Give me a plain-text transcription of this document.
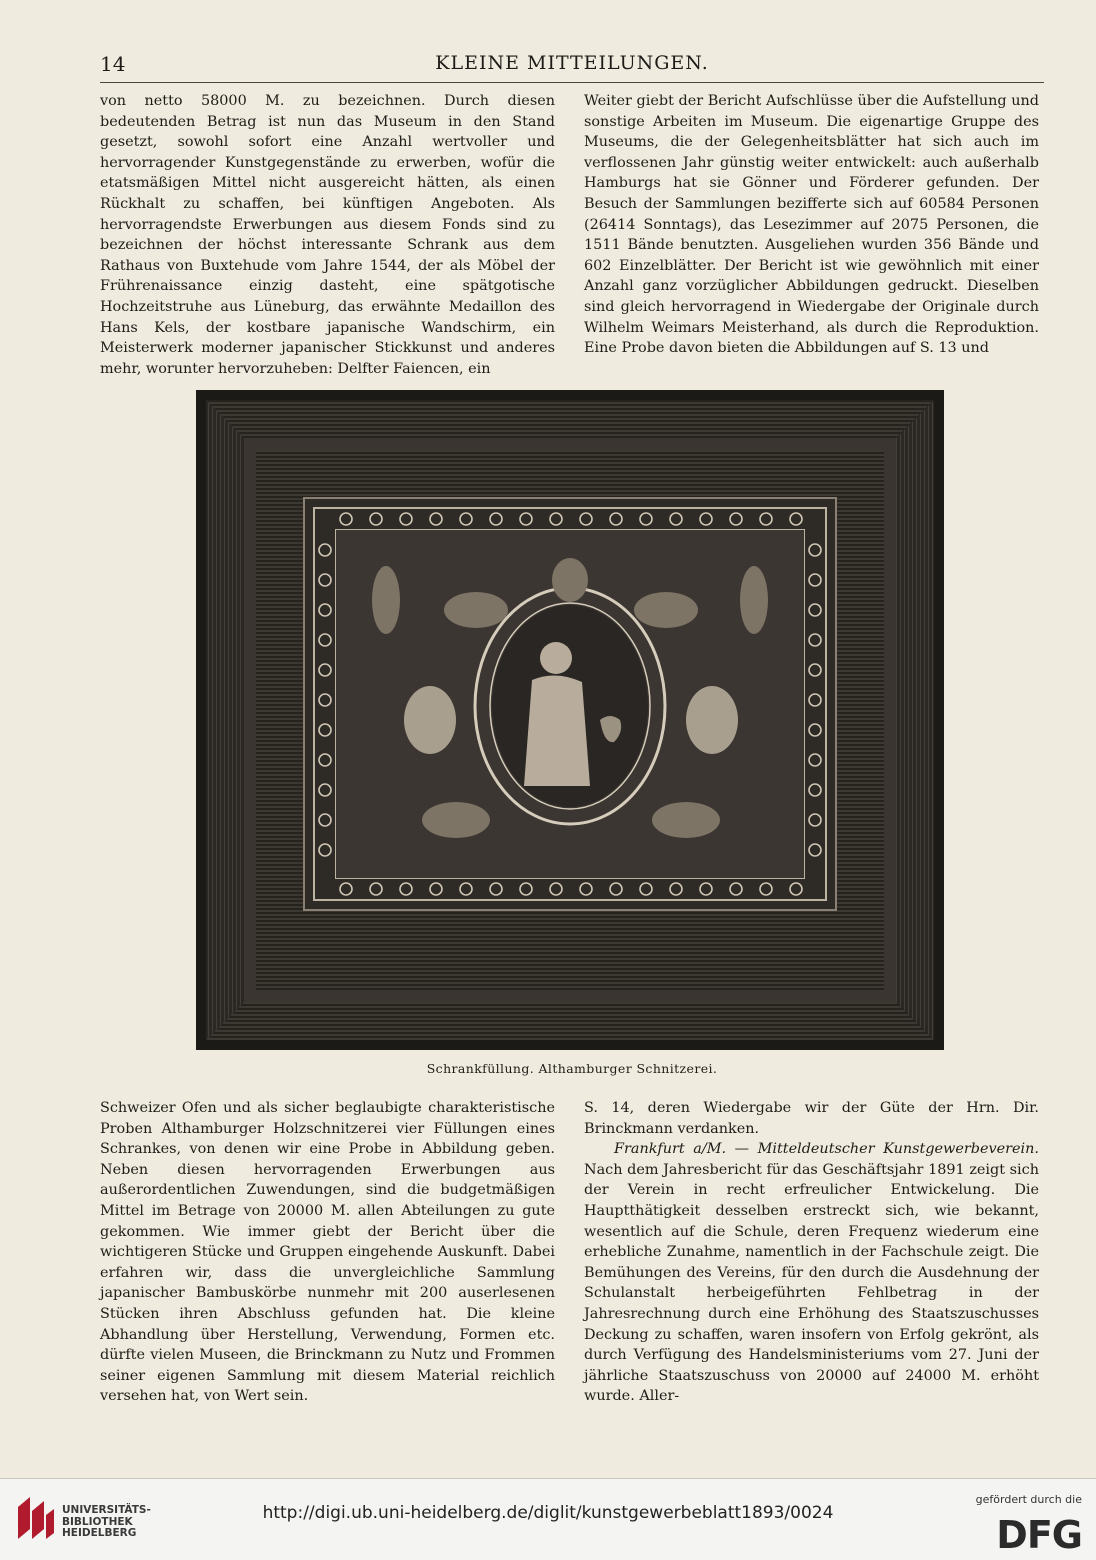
KLEINE MITTEILUNGEN.
14

von netto 58000 M. zu bezeichnen. Durch diesen bedeutenden Betrag ist nun das Museum in den Stand gesetzt, sowohl sofort eine Anzahl wertvoller und hervorragender Kunstgegenstände zu erwerben, wofür die etatsmäßigen Mittel nicht ausgereicht hätten, als einen Rückhalt zu schaffen, bei künftigen Angeboten. Als hervorragendste Erwerbungen aus diesem Fonds sind zu bezeichnen der höchst interessante Schrank aus dem Rathaus von Buxtehude vom Jahre 1544, der als Möbel der Frührenaissance einzig dasteht, eine spätgotische Hochzeitstruhe aus Lüneburg, das erwähnte Medaillon des Hans Kels, der kostbare japanische Wandschirm, ein Meisterwerk moderner japanischer Stickkunst und anderes mehr, worunter hervorzuheben: Delfter Faiencen, ein

Weiter giebt der Bericht Aufschlüsse über die Aufstellung und sonstige Arbeiten im Museum. Die eigenartige Gruppe des Museums, die der Gelegenheitsblätter hat sich auch im verflossenen Jahr günstig weiter entwickelt: auch außerhalb Hamburgs hat sie Gönner und Förderer gefunden. Der Besuch der Sammlungen bezifferte sich auf 60584 Personen (26414 Sonntags), das Lesezimmer auf 2075 Personen, die 1511 Bände benutzten. Ausgeliehen wurden 356 Bände und 602 Einzelblätter. Der Bericht ist wie gewöhnlich mit einer Anzahl ganz vorzüglicher Abbildungen gedruckt. Dieselben sind gleich hervorragend in Wiedergabe der Originale durch Wilhelm Weimars Meisterhand, als durch die Reproduktion. Eine Probe davon bieten die Abbildungen auf S. 13 und

Schrankfüllung. Althamburger Schnitzerei.

Schweizer Ofen und als sicher beglaubigte charakteristische Proben Althamburger Holzschnitzerei vier Füllungen eines Schrankes, von denen wir eine Probe in Abbildung geben. Neben diesen hervorragenden Erwerbungen aus außerordentlichen Zuwendungen, sind die budgetmäßigen Mittel im Betrage von 20000 M. allen Abteilungen zu gute gekommen. Wie immer giebt der Bericht über die wichtigeren Stücke und Gruppen eingehende Auskunft. Dabei erfahren wir, dass die unvergleichliche Sammlung japanischer Bambuskörbe nunmehr mit 200 auserlesenen Stücken ihren Abschluss gefunden hat. Die kleine Abhandlung über Herstellung, Verwendung, Formen etc. dürfte vielen Museen, die Brinckmann zu Nutz und Frommen seiner eigenen Sammlung mit diesem Material reichlich versehen hat, von Wert sein.

S. 14, deren Wiedergabe wir der Güte der Hrn. Dir. Brinckmann verdanken.

Frankfurt a/M. — Mitteldeutscher Kunstgewerbeverein. Nach dem Jahresbericht für das Geschäftsjahr 1891 zeigt sich der Verein in recht erfreulicher Entwickelung. Die Hauptthätigkeit desselben erstreckt sich, wie bekannt, wesentlich auf die Schule, deren Frequenz wiederum eine erhebliche Zunahme, namentlich in der Fachschule zeigt. Die Bemühungen des Vereins, für den durch die Ausdehnung der Schulanstalt herbeigeführten Fehlbetrag in der Jahresrechnung durch eine Erhöhung des Staatszuschusses Deckung zu schaffen, waren insofern von Erfolg gekrönt, als durch Verfügung des Handelsministeriums vom 27. Juni der jährliche Staatszuschuss von 20000 auf 24000 M. erhöht wurde. Aller-

UNIVERSITÄTS-
BIBLIOTHEK
HEIDELBERG
http://digi.ub.uni-heidelberg.de/diglit/kunstgewerbeblatt1893/0024
gefördert durch die
DFG
